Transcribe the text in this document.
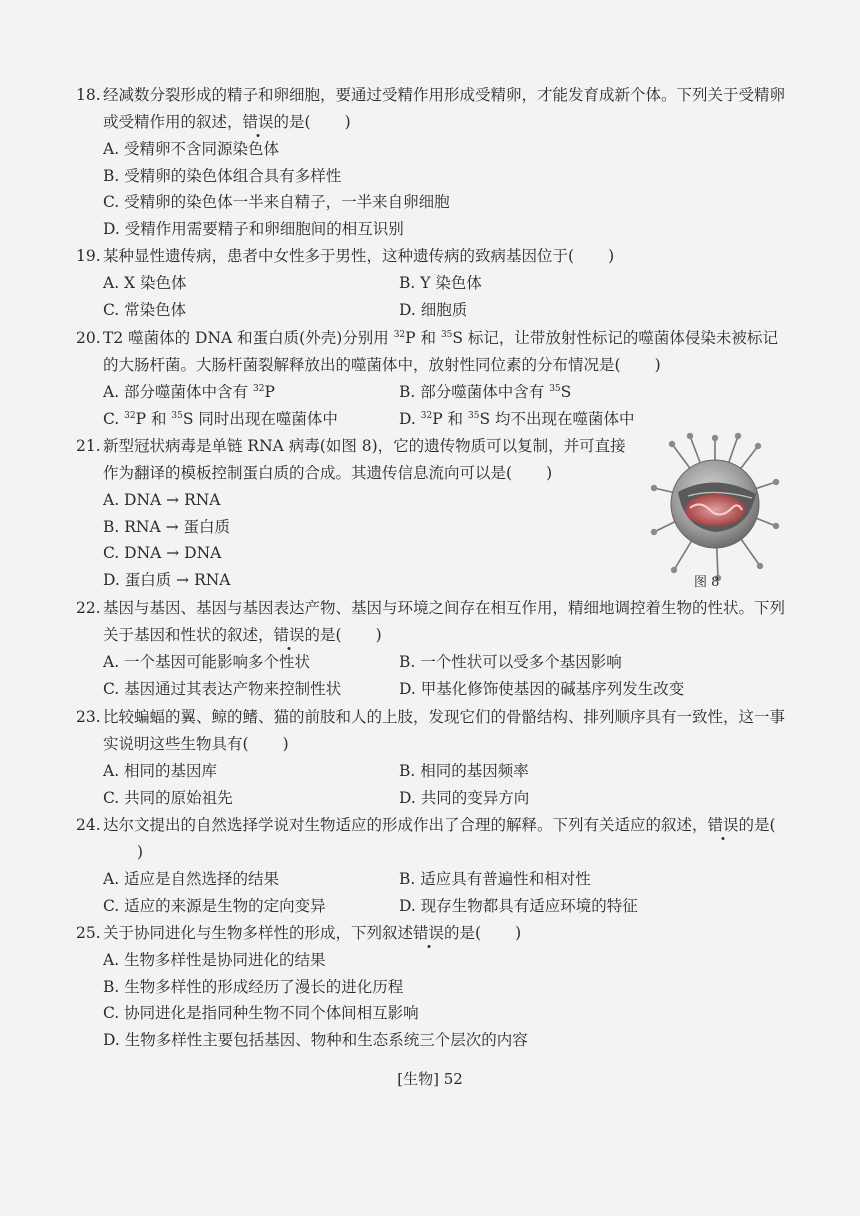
18. 经减数分裂形成的精子和卵细胞，要通过受精作用形成受精卵，才能发育成新个体。下列关于受精卵或受精作用的叙述，错误的是( )
A. 受精卵不含同源染色体
B. 受精卵的染色体组合具有多样性
C. 受精卵的染色体一半来自精子，一半来自卵细胞
D. 受精作用需要精子和卵细胞间的相互识别
19. 某种显性遗传病，患者中女性多于男性，这种遗传病的致病基因位于( )
A. X 染色体	B. Y 染色体
C. 常染色体	D. 细胞质
20. T2 噬菌体的 DNA 和蛋白质(外壳)分别用 $^{32}$P 和 $^{35}$S 标记，让带放射性标记的噬菌体侵染未被标记的大肠杆菌。大肠杆菌裂解释放出的噬菌体中，放射性同位素的分布情况是( )
A. 部分噬菌体中含有 $^{32}$P	B. 部分噬菌体中含有 $^{35}$S
C. $^{32}$P 和 $^{35}$S 同时出现在噬菌体中	D. $^{32}$P 和 $^{35}$S 均不出现在噬菌体中
21. 新型冠状病毒是单链 RNA 病毒(如图 8)，它的遗传物质可以复制，并可直接作为翻译的模板控制蛋白质的合成。其遗传信息流向可以是( )
A. DNA → RNA
B. RNA → 蛋白质
C. DNA → DNA
D. 蛋白质 → RNA	图 8
22. 基因与基因、基因与基因表达产物、基因与环境之间存在相互作用，精细地调控着生物的性状。下列关于基因和性状的叙述，错误的是( )
A. 一个基因可能影响多个性状	B. 一个性状可以受多个基因影响
C. 基因通过其表达产物来控制性状	D. 甲基化修饰使基因的碱基序列发生改变
23. 比较蝙蝠的翼、鲸的鳍、猫的前肢和人的上肢，发现它们的骨骼结构、排列顺序具有一致性，这一事实说明这些生物具有( )
A. 相同的基因库	B. 相同的基因频率
C. 共同的原始祖先	D. 共同的变异方向
24. 达尔文提出的自然选择学说对生物适应的形成作出了合理的解释。下列有关适应的叙述，错误的是()
A. 适应是自然选择的结果	B. 适应具有普遍性和相对性
C. 适应的来源是生物的定向变异	D. 现存生物都具有适应环境的特征
25. 关于协同进化与生物多样性的形成，下列叙述错误的是( )
A. 生物多样性是协同进化的结果
B. 生物多样性的形成经历了漫长的进化历程
C. 协同进化是指同种生物不同个体间相互影响
D. 生物多样性主要包括基因、物种和生态系统三个层次的内容
[生物] 52
